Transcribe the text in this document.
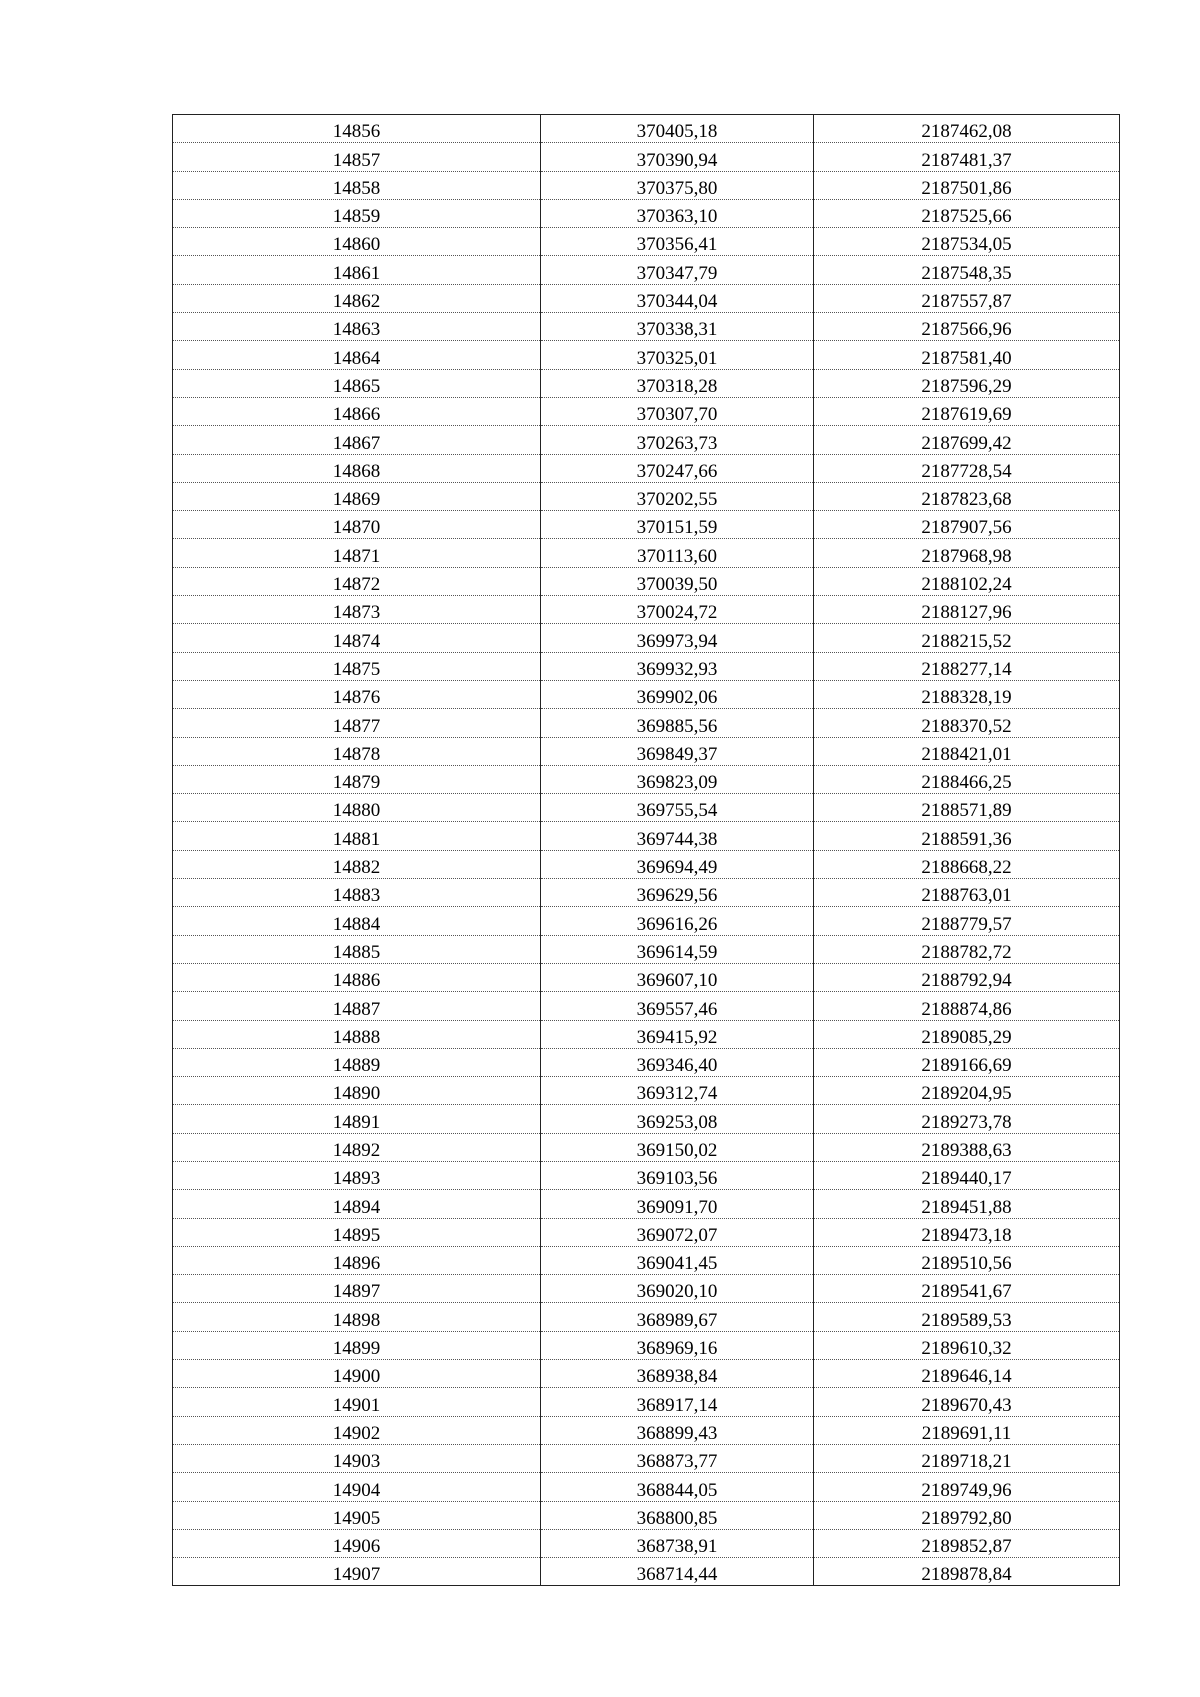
14856	370405,18	2187462,08
14857	370390,94	2187481,37
14858	370375,80	2187501,86
14859	370363,10	2187525,66
14860	370356,41	2187534,05
14861	370347,79	2187548,35
14862	370344,04	2187557,87
14863	370338,31	2187566,96
14864	370325,01	2187581,40
14865	370318,28	2187596,29
14866	370307,70	2187619,69
14867	370263,73	2187699,42
14868	370247,66	2187728,54
14869	370202,55	2187823,68
14870	370151,59	2187907,56
14871	370113,60	2187968,98
14872	370039,50	2188102,24
14873	370024,72	2188127,96
14874	369973,94	2188215,52
14875	369932,93	2188277,14
14876	369902,06	2188328,19
14877	369885,56	2188370,52
14878	369849,37	2188421,01
14879	369823,09	2188466,25
14880	369755,54	2188571,89
14881	369744,38	2188591,36
14882	369694,49	2188668,22
14883	369629,56	2188763,01
14884	369616,26	2188779,57
14885	369614,59	2188782,72
14886	369607,10	2188792,94
14887	369557,46	2188874,86
14888	369415,92	2189085,29
14889	369346,40	2189166,69
14890	369312,74	2189204,95
14891	369253,08	2189273,78
14892	369150,02	2189388,63
14893	369103,56	2189440,17
14894	369091,70	2189451,88
14895	369072,07	2189473,18
14896	369041,45	2189510,56
14897	369020,10	2189541,67
14898	368989,67	2189589,53
14899	368969,16	2189610,32
14900	368938,84	2189646,14
14901	368917,14	2189670,43
14902	368899,43	2189691,11
14903	368873,77	2189718,21
14904	368844,05	2189749,96
14905	368800,85	2189792,80
14906	368738,91	2189852,87
14907	368714,44	2189878,84
